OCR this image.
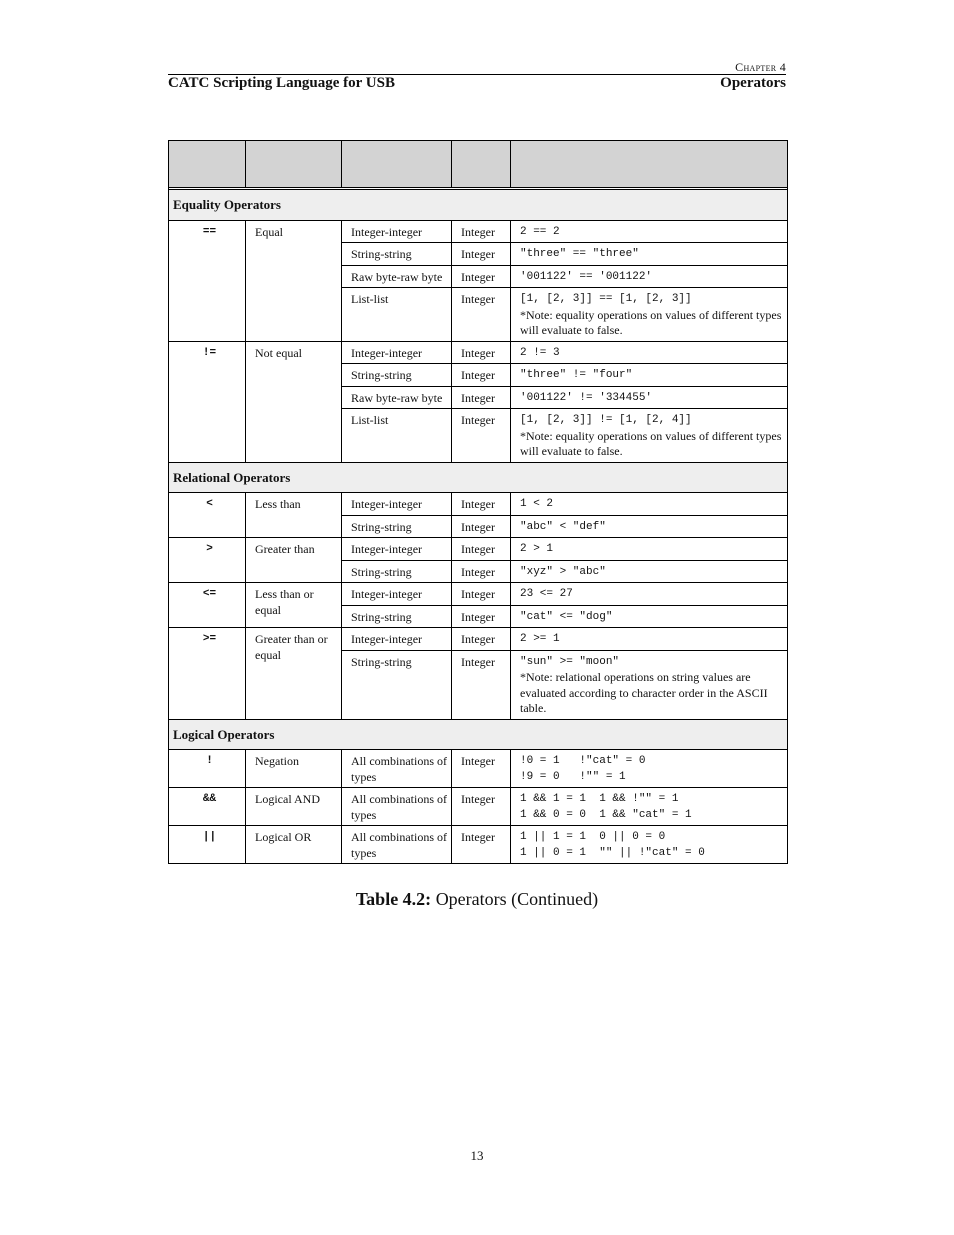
Chapter 4
CATC Scripting Language for USB	Operators

Equality Operators				
==	Equal	Integer-integer	Integer	2 == 2

		String-string	Integer	"three" == "three"

		Raw byte-raw byte	Integer	'001122' == '001122'

		List-list	Integer	[1, [2, 3]] == [1, [2, 3]]
*Note: equality operations on values of different types will evaluate to false.

!=	Not equal	Integer-integer	Integer	2 != 3

		String-string	Integer	"three" != "four"

		Raw byte-raw byte	Integer	'001122' != '334455'

		List-list	Integer	[1, [2, 3]] != [1, [2, 4]]
*Note: equality operations on values of different types will evaluate to false.

Relational Operators				
<	Less than	Integer-integer	Integer	1 < 2

		String-string	Integer	"abc" < "def"

>	Greater than	Integer-integer	Integer	2 > 1

		String-string	Integer	"xyz" > "abc"

<=	Less than or equal	Integer-integer	Integer	23 <= 27

		String-string	Integer	"cat" <= "dog"

>=	Greater than or equal	Integer-integer	Integer	2 >= 1

		String-string	Integer	"sun" >= "moon"
*Note: relational operations on string values are evaluated according to character order in the ASCII table.

Logical Operators				
!	Negation	All combinations of types	Integer	!0 = 1   !"cat" = 0
!9 = 0   !"" = 1

&&	Logical AND	All combinations of types	Integer	1 && 1 = 1  1 && !"" = 1
1 && 0 = 0  1 && "cat" = 1

||	Logical OR	All combinations of types	Integer	1 || 1 = 1  0 || 0 = 0
1 || 0 = 1  "" || !"cat" = 0
Table 4.2: Operators (Continued)
13
